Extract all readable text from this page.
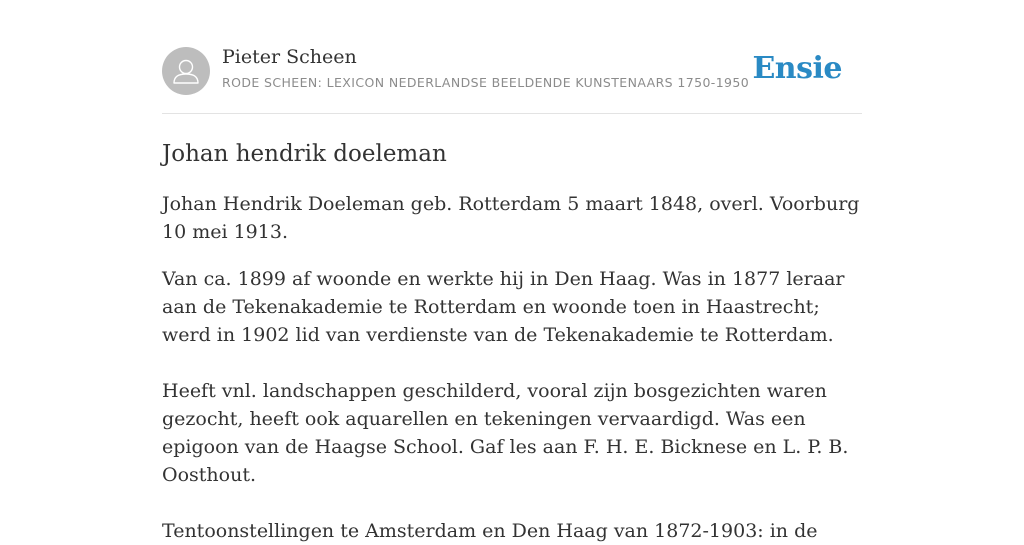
Pieter Scheen
RODE SCHEEN: LEXICON NEDERLANDSE BEELDENDE KUNSTENAARS 1750-1950 Ensie
Johan hendrik doeleman

Johan Hendrik Doeleman geb. Rotterdam 5 maart 1848, overl. Voorburg 10 mei 1913.

Van ca. 1899 af woonde en werkte hij in Den Haag. Was in 1877 leraar aan de Tekenakademie te Rotterdam en woonde toen in Haastrecht; werd in 1902 lid van verdienste van de Tekenakademie te Rotterdam.

Heeft vnl. landschappen geschilderd, vooral zijn bosgezichten waren gezocht, heeft ook aquarellen en tekeningen vervaardigd. Was een epigoon van de Haagse School. Gaf les aan F. H. E. Bicknese en L. P. B. Oosthout.

Tentoonstellingen te Amsterdam en Den Haag van 1872-1903: in de
